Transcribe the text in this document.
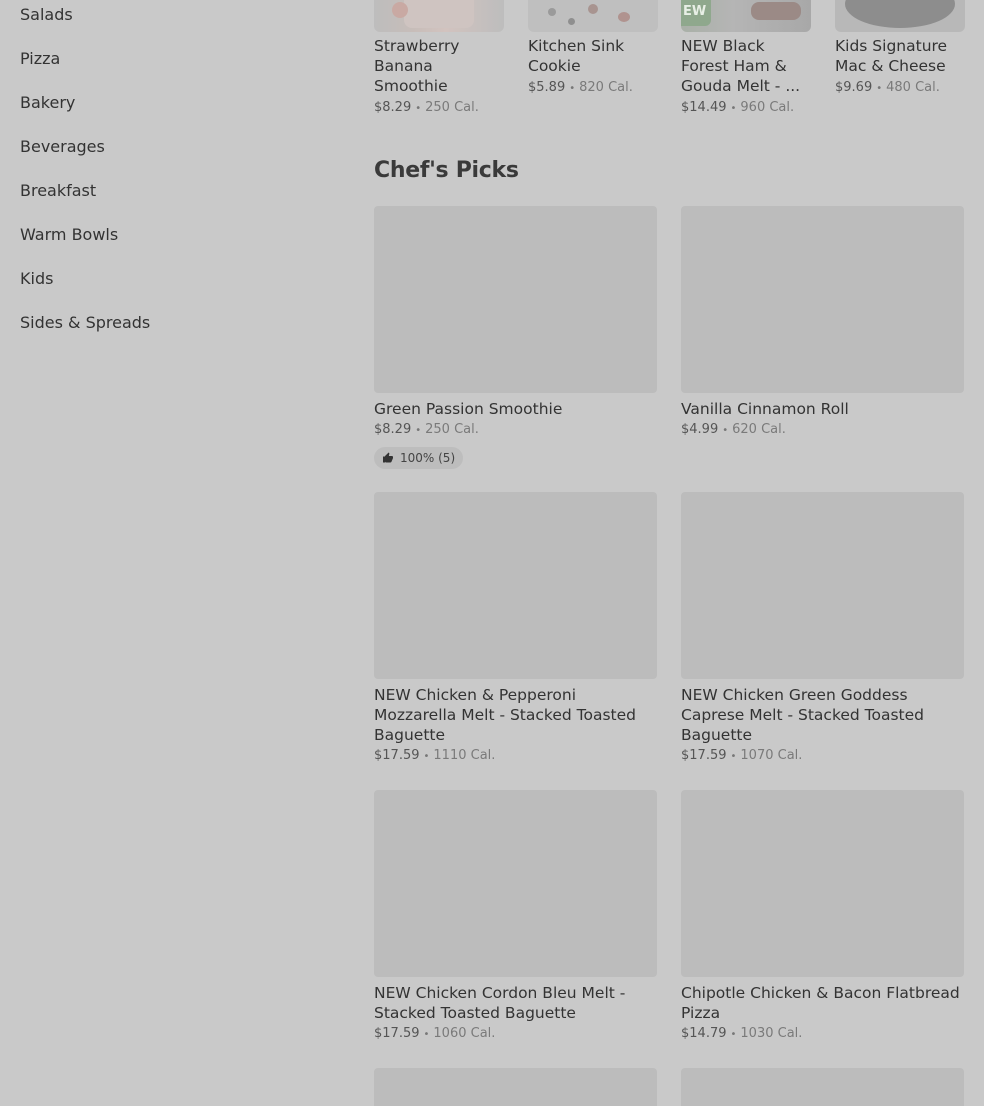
Salads
Pizza
Bakery
Beverages
Breakfast
Warm Bowls
Kids
Sides & Spreads
Strawberry Banana Smoothie
$8.29 • 250 Cal.
Kitchen Sink Cookie
$5.89 • 820 Cal.
EW
NEW Black Forest Ham & Gouda Melt - ...
$14.49 • 960 Cal.
Kids Signature Mac & Cheese
$9.69 • 480 Cal.
Chef's Picks
Green Passion Smoothie
$8.29 • 250 Cal.
100% (5)
Vanilla Cinnamon Roll
$4.99 • 620 Cal.
NEW Chicken & Pepperoni Mozzarella Melt - Stacked Toasted Baguette
$17.59 • 1110 Cal.
NEW Chicken Green Goddess Caprese Melt - Stacked Toasted Baguette
$17.59 • 1070 Cal.
NEW Chicken Cordon Bleu Melt - Stacked Toasted Baguette
$17.59 • 1060 Cal.
Chipotle Chicken & Bacon Flatbread Pizza
$14.79 • 1030 Cal.
